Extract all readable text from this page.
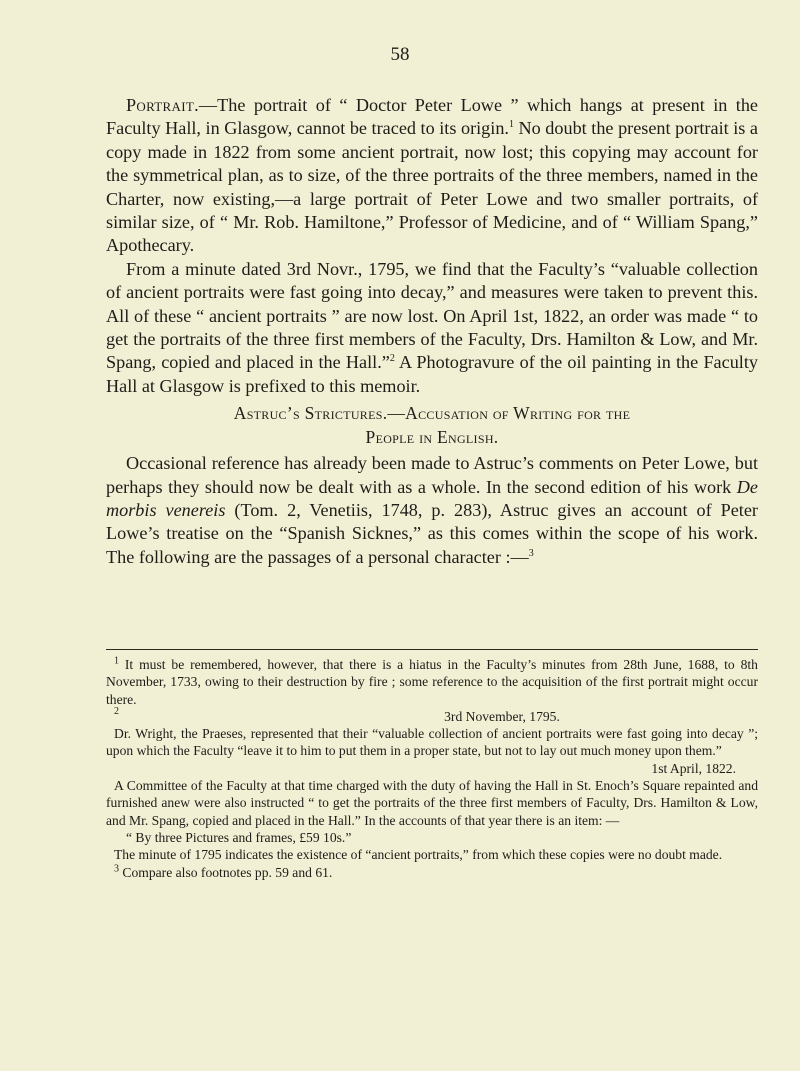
58

Portrait.—The portrait of “ Doctor Peter Lowe ” which hangs at present in the Faculty Hall, in Glasgow, cannot be traced to its origin.$^1$ No doubt the present portrait is a copy made in 1822 from some ancient portrait, now lost; this copying may account for the symmetrical plan, as to size, of the three portraits of the three members, named in the Charter, now existing,—a large portrait of Peter Lowe and two smaller portraits, of similar size, of “ Mr. Rob. Hamiltone,” Professor of Medicine, and of “ William Spang,” Apothecary.

From a minute dated 3rd Novr., 1795, we find that the Faculty’s “valuable collection of ancient portraits were fast going into decay,” and measures were taken to prevent this. All of these “ ancient portraits ” are now lost. On April 1st, 1822, an order was made “ to get the portraits of the three first members of the Faculty, Drs. Hamilton & Low, and Mr. Spang, copied and placed in the Hall.”$^2$ A Photogravure of the oil painting in the Faculty Hall at Glasgow is prefixed to this memoir.

Astruc’s Strictures.—Accusation of Writing for the
People in English.

Occasional reference has already been made to Astruc’s comments on Peter Lowe, but perhaps they should now be dealt with as a whole. In the second edition of his work De morbis venereis (Tom. 2, Venetiis, 1748, p. 283), Astruc gives an account of Peter Lowe’s treatise on the “Spanish Sicknes,” as this comes within the scope of his work. The following are the passages of a personal character :—$^3$

$^1$ It must be remembered, however, that there is a hiatus in the Faculty’s minutes from 28th June, 1688, to 8th November, 1733, owing to their destruction by fire ; some reference to the acquisition of the first portrait might occur there.

2	3rd November, 1795.

Dr. Wright, the Praeses, represented that their “valuable collection of ancient portraits were fast going into decay ”; upon which the Faculty “leave it to him to put them in a proper state, but not to lay out much money upon them.”

1st April, 1822.

A Committee of the Faculty at that time charged with the duty of having the Hall in St. Enoch’s Square repainted and furnished anew were also instructed “ to get the portraits of the three first members of Faculty, Drs. Hamilton & Low, and Mr. Spang, copied and placed in the Hall.” In the accounts of that year there is an item: —

“ By three Pictures and frames, £59 10s.”

The minute of 1795 indicates the existence of “ancient portraits,” from which these copies were no doubt made.

$^3$ Compare also footnotes pp. 59 and 61.
